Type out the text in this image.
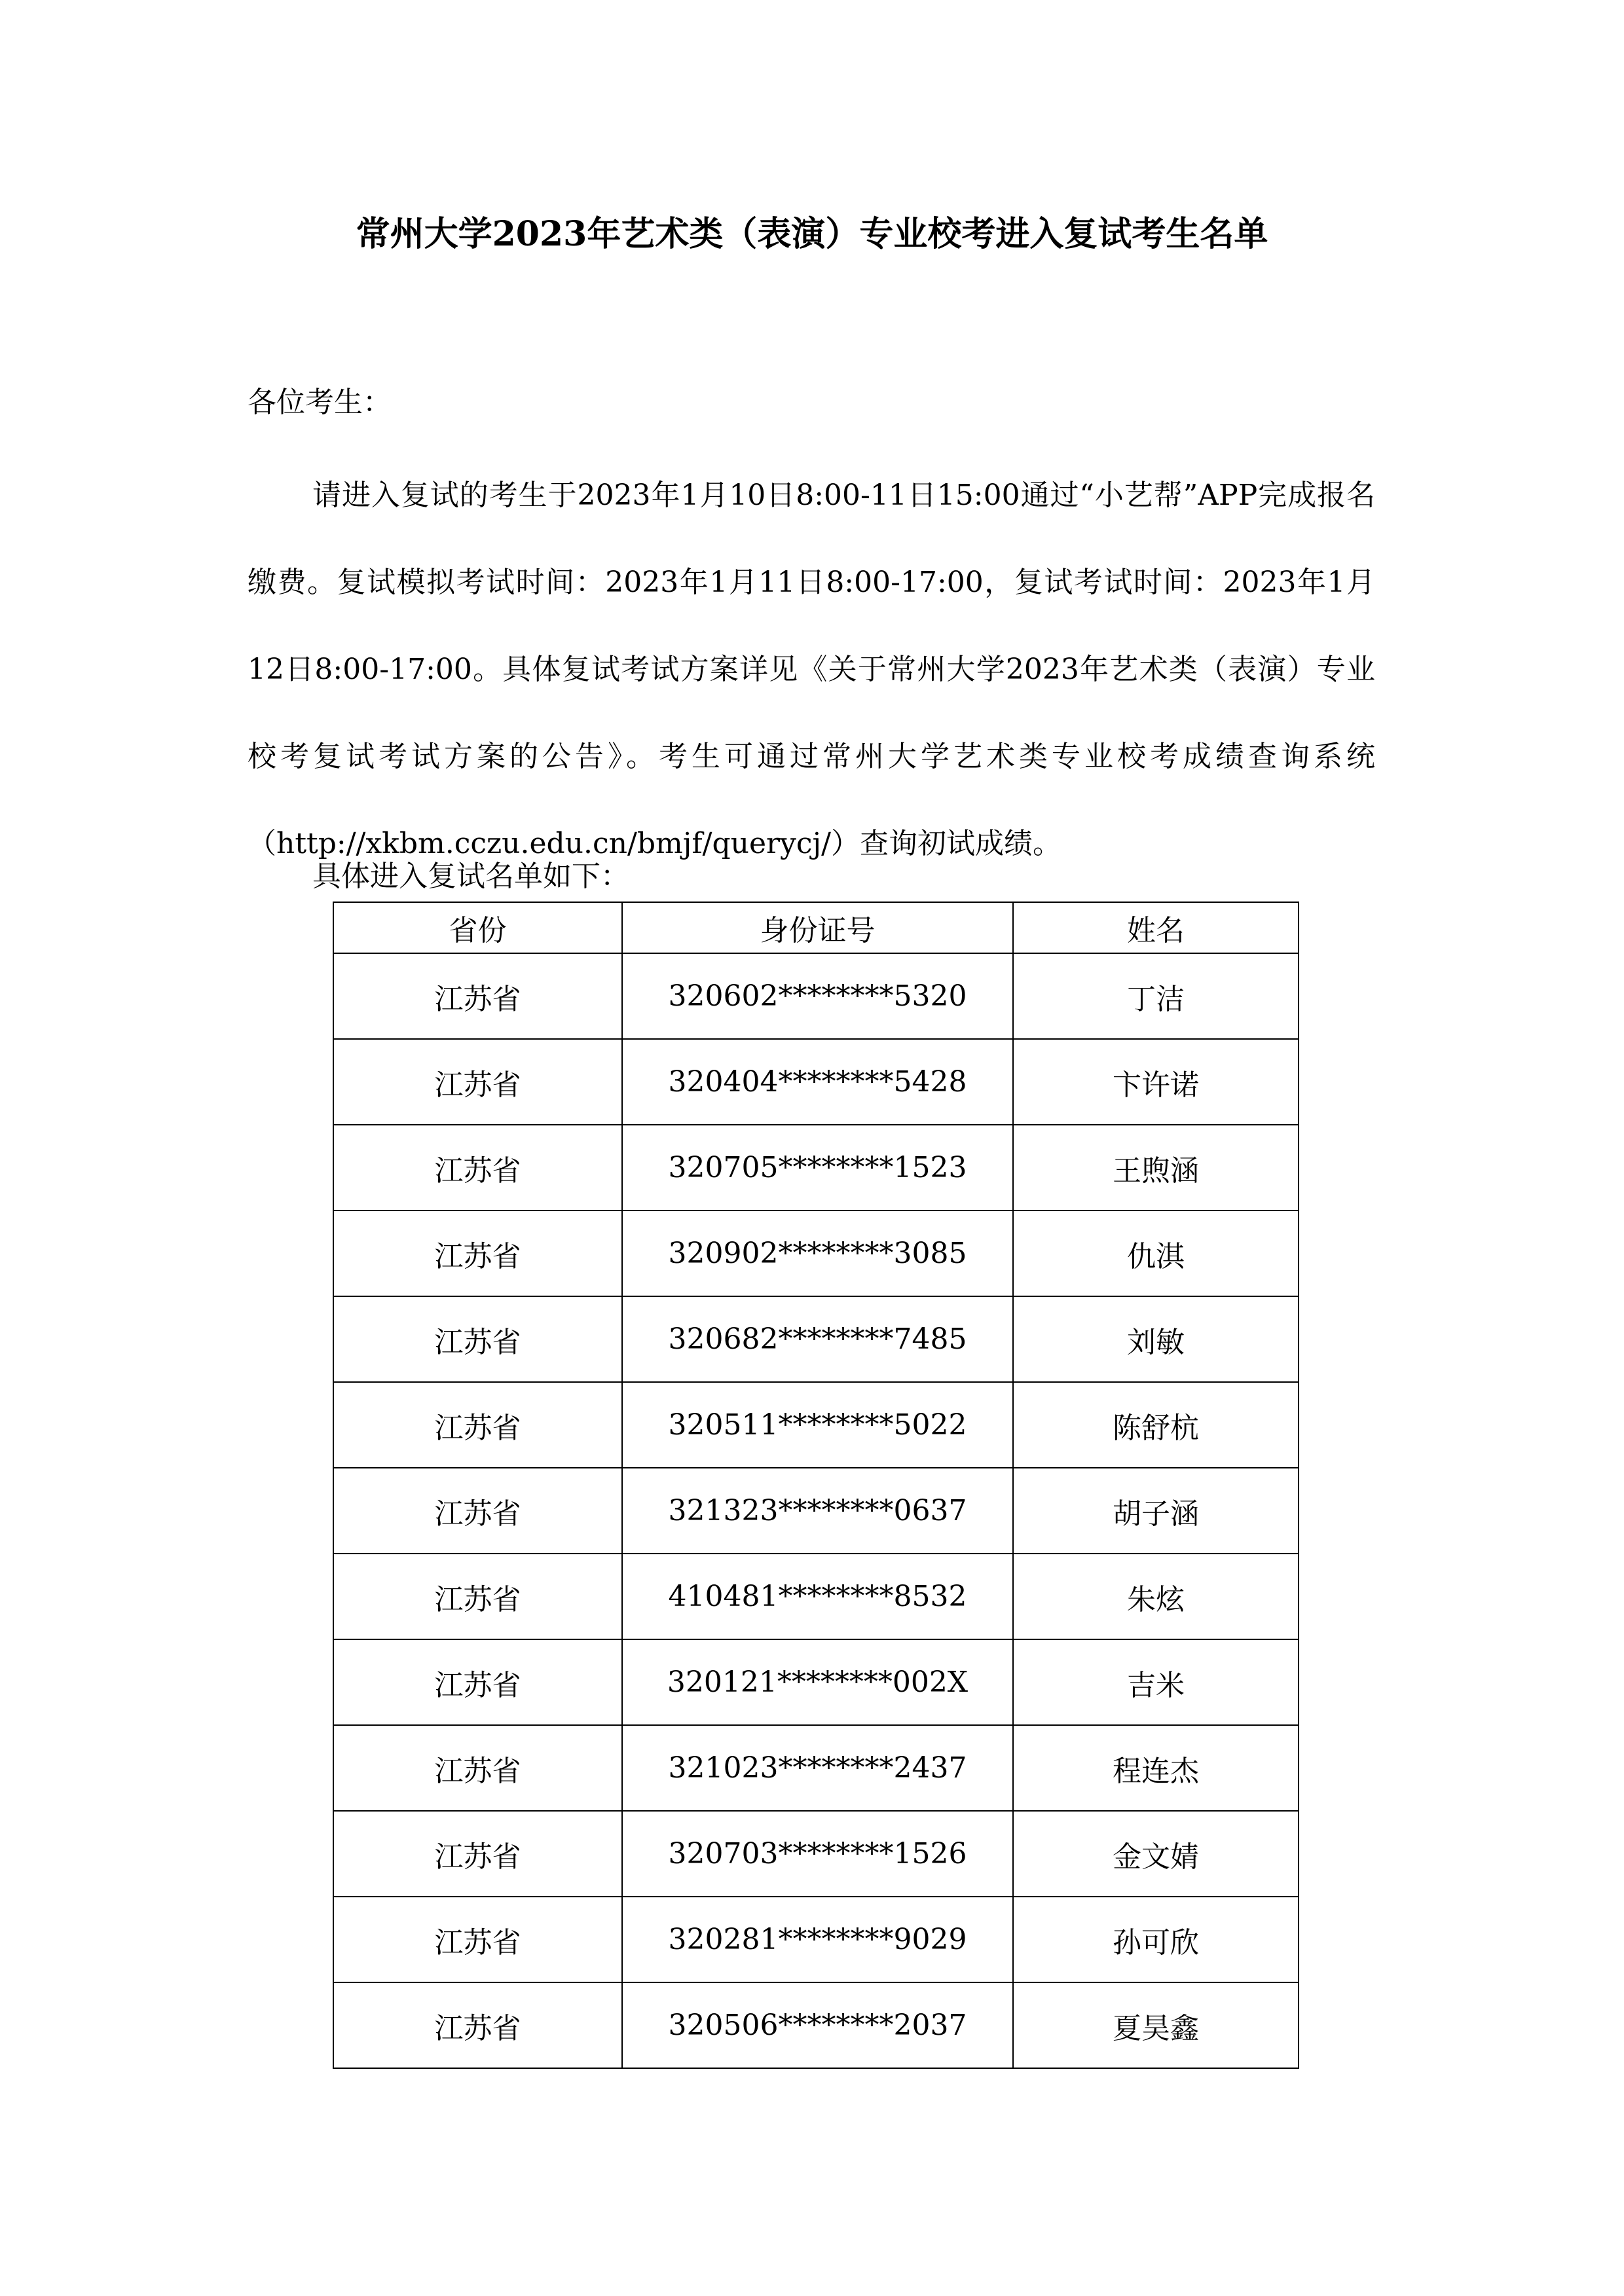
常州大学2023年艺术类（表演）专业校考进入复试考生名单
各位考生：

请进入复试的考生于2023年1月10日8:00-11日15:00通过“小艺帮”APP完成报名缴费。复试模拟考试时间：2023年1月11日8:00-17:00，复试考试时间：2023年1月12日8:00-17:00。具体复试考试方案详见《关于常州大学2023年艺术类（表演）专业校考复试考试方案的公告》。考生可通过常州大学艺术类专业校考成绩查询系统（http://xkbm.cczu.edu.cn/bmjf/querycj/）查询初试成绩。

具体进入复试名单如下：
省份	身份证号	姓名
江苏省	320602********5320	丁洁
江苏省	320404********5428	卞许诺
江苏省	320705********1523	王煦涵
江苏省	320902********3085	仇淇
江苏省	320682********7485	刘敏
江苏省	320511********5022	陈舒杭
江苏省	321323********0637	胡子涵
江苏省	410481********8532	朱炫
江苏省	320121********002X	吉米
江苏省	321023********2437	程连杰
江苏省	320703********1526	金文婧
江苏省	320281********9029	孙可欣
江苏省	320506********2037	夏昊鑫
